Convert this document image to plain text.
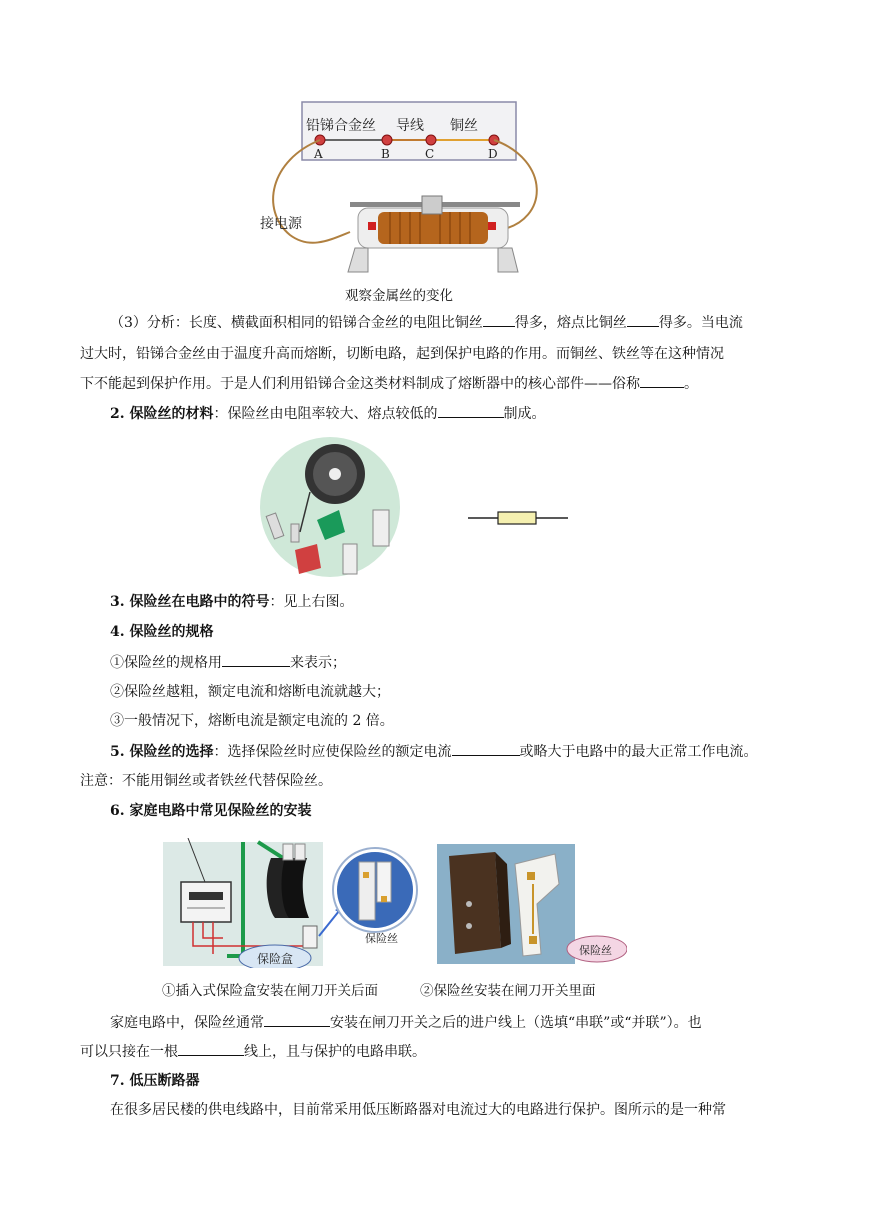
铅锑合金丝 导线 铜丝
A	B	C	D
接电源
观察金属丝的变化
（3）分析：长度、横截面积相同的铅锑合金丝的电阻比铜丝 得多，熔点比铜丝 得多。当电流
过大时，铅锑合金丝由于温度升高而熔断，切断电路，起到保护电路的作用。而铜丝、铁丝等在这种情况
下不能起到保护作用。于是人们利用铅锑合金这类材料制成了熔断器中的核心部件——俗称	。
2. 保险丝的材料：保险丝由电阻率较大、熔点较低的	制成。
3. 保险丝在电路中的符号：见上右图。
4. 保险丝的规格
①保险丝的规格用	来表示；
②保险丝越粗，额定电流和熔断电流就越大；
③一般情况下，熔断电流是额定电流的 2 倍。
5. 保险丝的选择：选择保险丝时应使保险丝的额定电流	或略大于电路中的最大正常工作电流。
注意：不能用铜丝或者铁丝代替保险丝。
6. 家庭电路中常见保险丝的安装
保险盒
保险丝
保险丝
①插入式保险盒安装在闸刀开关后面	②保险丝安装在闸刀开关里面
家庭电路中，保险丝通常	安装在闸刀开关之后的进户线上（选填“串联”或“并联”）。也
可以只接在一根	线上，且与保护的电路串联。
7. 低压断路器
在很多居民楼的供电线路中，目前常采用低压断路器对电流过大的电路进行保护。图所示的是一种常
